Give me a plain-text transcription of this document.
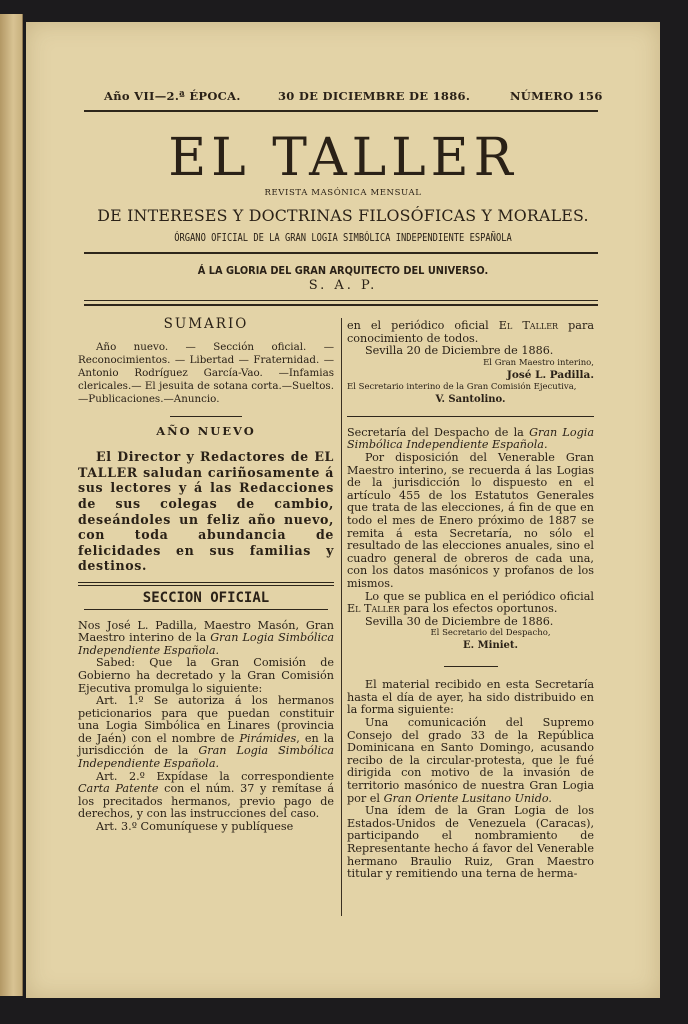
Año VII—2.ª ÉPOCA.	30 DE DICIEMBRE DE 1886.	NÚMERO 156
EL TALLER
REVISTA MASÓNICA MENSUAL
DE INTERESES Y DOCTRINAS FILOSÓFICAS Y MORALES.
ÓRGANO OFICIAL DE LA GRAN LOGIA SIMBÓLICA INDEPENDIENTE ESPAÑOLA
Á LA GLORIA DEL GRAN ARQUITECTO DEL UNIVERSO.
S. A. P.
SUMARIO

Año nuevo. — Sección oficial. — Reconocimientos. — Libertad — Fraternidad. — Antonio Rodríguez García-Vao. —Infamias clericales.— El jesuita de sotana corta.—Sueltos.—Publicaciones.—Anuncio.

AÑO NUEVO

El Director y Redactores de EL TALLER saludan cariñosamente á sus lectores y á las Redacciones de sus colegas de cambio, deseándoles un feliz año nuevo, con toda abundancia de felicidades en sus familias y destinos.

SECCION OFICIAL

Nos José L. Padilla, Maestro Masón, Gran Maestro interino de la Gran Logia Simbólica Independiente Española.

Sabed: Que la Gran Comisión de Gobierno ha decretado y la Gran Comisión Ejecutiva promulga lo siguiente:

Art. 1.º Se autoriza á los hermanos peticionarios para que puedan constituir una Logia Simbólica en Linares (provincia de Jaén) con el nombre de Pirámides, en la jurisdicción de la Gran Logia Simbólica Independiente Española.

Art. 2.º Expídase la correspondiente Carta Patente con el núm. 37 y remítase á los precitados hermanos, previo pago de derechos, y con las instrucciones del caso.

Art. 3.º Comuníquese y publíquese

en el periódico oficial El Taller para conocimiento de todos.

Sevilla 20 de Diciembre de 1886.

El Gran Maestro interino,
José L. Padilla.
El Secretario interino de la Gran Comisión Ejecutiva,
V. Santolino.

Secretaría del Despacho de la Gran Logia Simbólica Independiente Española.

Por disposición del Venerable Gran Maestro interino, se recuerda á las Logias de la jurisdicción lo dispuesto en el artículo 455 de los Estatutos Generales que trata de las elecciones, á fin de que en todo el mes de Enero próximo de 1887 se remita á esta Secretaría, no sólo el resultado de las elecciones anuales, sino el cuadro general de obreros de cada una, con los datos masónicos y profanos de los mismos.

Lo que se publica en el periódico oficial El Taller para los efectos oportunos.

Sevilla 30 de Diciembre de 1886.

El Secretario del Despacho,
E. Miniet.

El material recibido en esta Secretaría hasta el día de ayer, ha sido distribuido en la forma siguiente:

Una comunicación del Supremo Consejo del grado 33 de la República Dominicana en Santo Domingo, acusando recibo de la circular-protesta, que le fué dirigida con motivo de la invasión de territorio masónico de nuestra Gran Logia por el Gran Oriente Lusitano Unido.

Una ídem de la Gran Logia de los Estados-Unidos de Venezuela (Caracas), participando el nombramiento de Representante hecho á favor del Venerable hermano Braulio Ruiz, Gran Maestro titular y remitiendo una terna de herma-
